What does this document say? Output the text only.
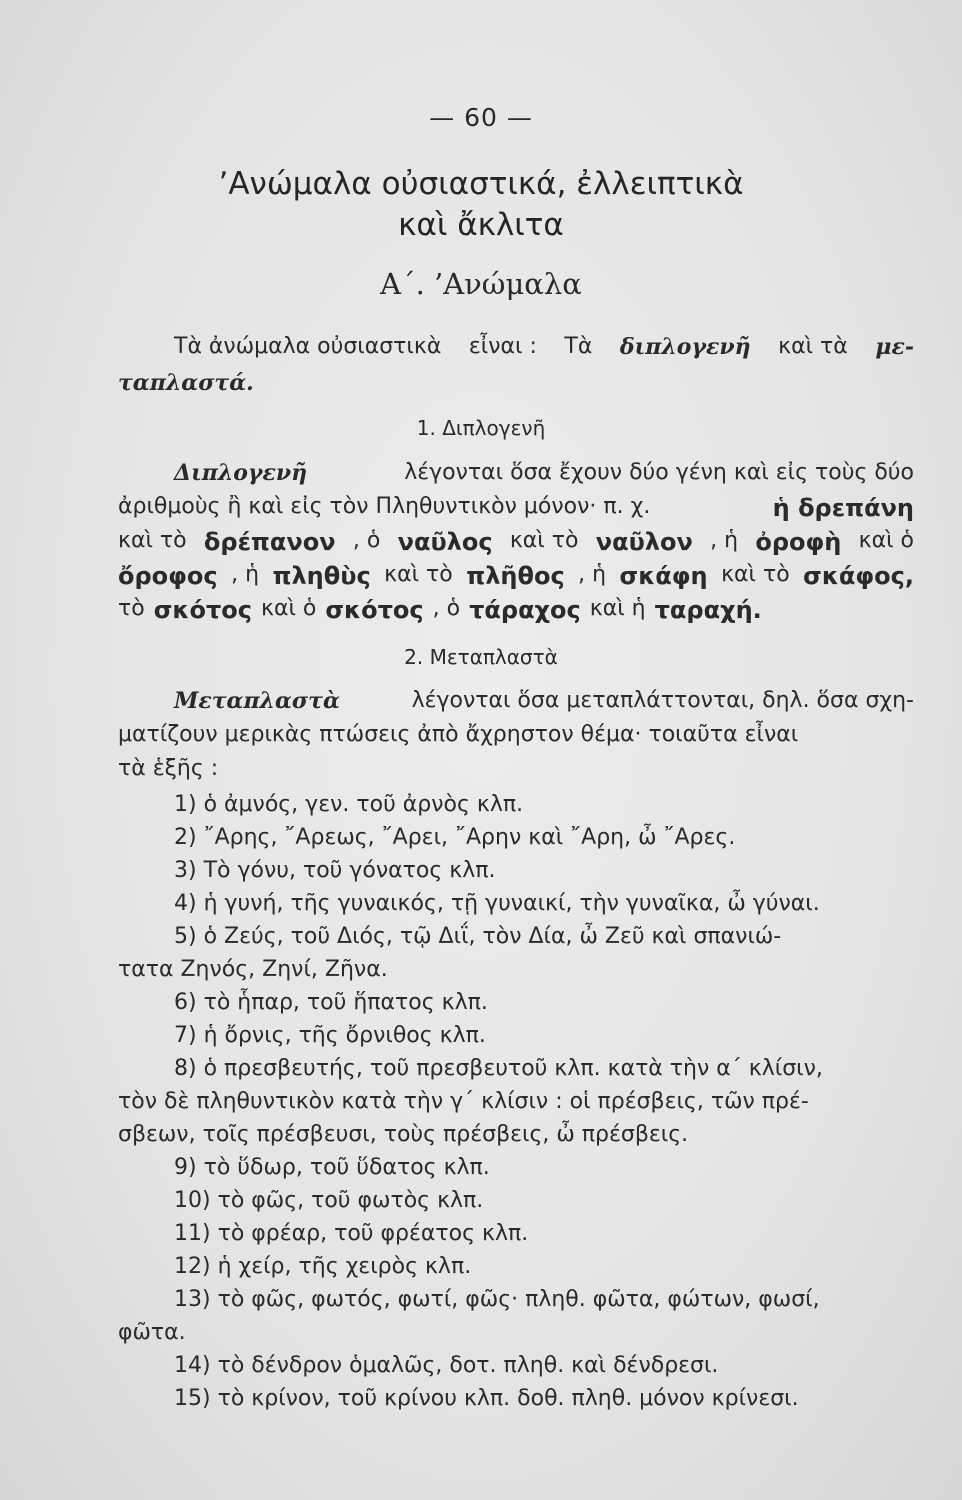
— 60 —
’Ανώμαλα οὐσιαστικά, ἐλλειπτικὰ
καὶ ἄκλιτα
Α΄. ’Ανώμαλα
Τὰ ἀνώμαλα οὐσιαστικὰ εἶναι : Τὰ διπλογενῆ καὶ τὰ με-
ταπλαστά.
1. Διπλογενῆ
Διπλογενῆ	λέγονται ὅσα ἔχουν δύο γένη καὶ εἰς τοὺς δύο
ἀριθμοὺς ἢ καὶ εἰς τὸν Πληθυντικὸν μόνον· π. χ.	ἡ δρεπάνη
καὶ τὸ δρέπανον , ὁ ναῦλος καὶ τὸ ναῦλον , ἡ ὀροφὴ καὶ ὁ
ὄροφος , ἡ πληθὺς καὶ τὸ πλῆθος , ἡ σκάφη καὶ τὸ σκάφος,
τὸ σκότος καὶ ὁ σκότος , ὁ τάραχος καὶ ἡ ταραχή.
2. Μεταπλαστὰ
Μεταπλαστὰ	λέγονται ὅσα μεταπλάττονται, δηλ. ὅσα σχη-
ματίζουν μερικὰς πτώσεις ἀπὸ ἄχρηστον θέμα· τοιαῦτα εἶναι
τὰ ἑξῆς :
1) ὁ ἀμνός, γεν. τοῦ ἀρνὸς κλπ.
2) ῎Αρης, ῎Αρεως, ῎Αρει, ῎Αρην καὶ ῎Αρη, ὦ ῎Αρες.
3) Τὸ γόνυ, τοῦ γόνατος κλπ.
4) ἡ γυνή, τῆς γυναικός, τῇ γυναικί, τὴν γυναῖκα, ὦ γύναι.
5) ὁ Ζεύς, τοῦ Διός, τῷ Διΐ, τὸν Δία, ὦ Ζεῦ καὶ σπανιώ-
τατα Ζηνός, Ζηνί, Ζῆνα.
6) τὸ ἧπαρ, τοῦ ἥπατος κλπ.
7) ἡ ὄρνις, τῆς ὄρνιθος κλπ.
8) ὁ πρεσβευτής, τοῦ πρεσβευτοῦ κλπ. κατὰ τὴν α΄ κλίσιν,
τὸν δὲ πληθυντικὸν κατὰ τὴν γ΄ κλίσιν : οἱ πρέσβεις, τῶν πρέ-
σβεων, τοῖς πρέσβευσι, τοὺς πρέσβεις, ὦ πρέσβεις.
9) τὸ ὕδωρ, τοῦ ὕδατος κλπ.
10) τὸ φῶς, τοῦ φωτὸς κλπ.
11) τὸ φρέαρ, τοῦ φρέατος κλπ.
12) ἡ χείρ, τῆς χειρὸς κλπ.
13) τὸ φῶς, φωτός, φωτί, φῶς· πληθ. φῶτα, φώτων, φωσί,
φῶτα.
14) τὸ δένδρον ὁμαλῶς, δοτ. πληθ. καὶ δένδρεσι.
15) τὸ κρίνον, τοῦ κρίνου κλπ. δοθ. πληθ. μόνον κρίνεσι.
